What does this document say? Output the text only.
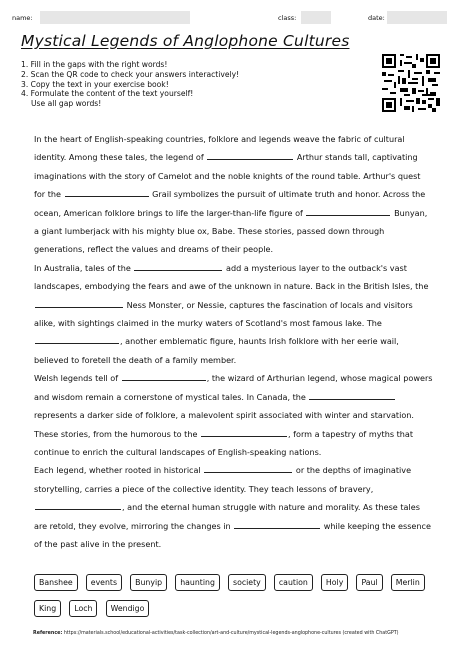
name:	class:	date:
Mystical Legends of Anglophone Cultures
1. Fill in the gaps with the right words!
2. Scan the QR code to check your answers interactively!
3. Copy the text in your exercise book!
4. Formulate the content of the text yourself!
Use all gap words!

In the heart of English-speaking countries, folklore and legends weave the fabric of cultural identity. Among these tales, the legend of	Arthur stands tall, captivating imaginations with the story of Camelot and the noble knights of the round table. Arthur's quest for the	Grail symbolizes the pursuit of ultimate truth and honor. Across the ocean, American folklore brings to life the larger-than-life figure of	Bunyan, a giant lumberjack with his mighty blue ox, Babe. These stories, passed down through generations, reflect the values and dreams of their people.

In Australia, tales of the	add a mysterious layer to the outback's vast landscapes, embodying the fears and awe of the unknown in nature. Back in the British Isles, the  Ness Monster, or Nessie, captures the fascination of locals and visitors alike, with sightings claimed in the murky waters of Scotland's most famous lake. The , another emblematic figure, haunts Irish folklore with her eerie wail, believed to foretell the death of a family member.

Welsh legends tell of	, the wizard of Arthurian legend, whose magical powers and wisdom remain a cornerstone of mystical tales. In Canada, the  represents a darker side of folklore, a malevolent spirit associated with winter and starvation. These stories, from the humorous to the	, form a tapestry of myths that continue to enrich the cultural landscapes of English-speaking nations.

Each legend, whether rooted in historical	or the depths of imaginative storytelling, carries a piece of the collective identity. They teach lessons of bravery, , and the eternal human struggle with nature and morality. As these tales are retold, they evolve, mirroring the changes in	while keeping the essence of the past alive in the present.

Banshee events Bunyip haunting society caution Holy Paul Merlin
King Loch Wendigo
Reference: https://materials.school/educational-activities/task-collection/art-and-culture/mystical-legends-anglophone-cultures (created with ChatGPT)
